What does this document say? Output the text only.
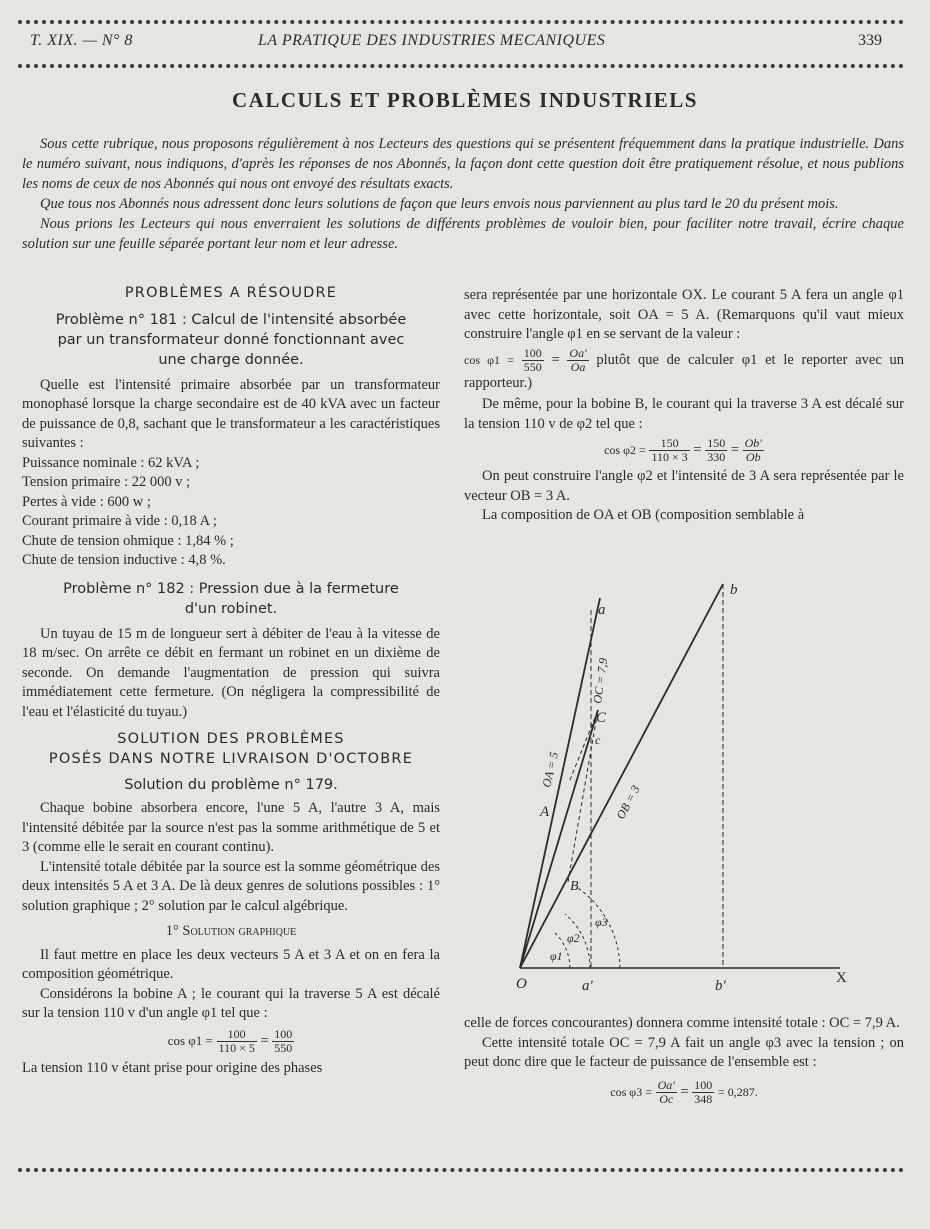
T. XIX. — N° 8	LA PRATIQUE DES INDUSTRIES MECANIQUES	339
CALCULS ET PROBLÈMES INDUSTRIELS

Sous cette rubrique, nous proposons régulièrement à nos Lecteurs des questions qui se présentent fréquemment dans la pratique industrielle. Dans le numéro suivant, nous indiquons, d'après les réponses de nos Abonnés, la façon dont cette question doit être pratiquement résolue, et nous publions les noms de ceux de nos Abonnés qui nous ont envoyé des résultats exacts.

Que tous nos Abonnés nous adressent donc leurs solutions de façon que leurs envois nous parviennent au plus tard le 20 du présent mois.

Nous prions les Lecteurs qui nous enverraient les solutions de différents problèmes de vouloir bien, pour faciliter notre travail, écrire chaque solution sur une feuille séparée portant leur nom et leur adresse.

PROBLÈMES A RÉSOUDRE
Problème n° 181 : Calcul de l'intensité absorbée par un transformateur donné fonctionnant avec une charge donnée.

Quelle est l'intensité primaire absorbée par un transformateur monophasé lorsque la charge secondaire est de 40 kVA avec un facteur de puissance de 0,8, sachant que le transformateur a les caractéristiques suivantes :

Puissance nominale : 62 kVA ;

Tension primaire : 22 000 v ;

Pertes à vide : 600 w ;

Courant primaire à vide : 0,18 A ;

Chute de tension ohmique : 1,84 % ;

Chute de tension inductive : 4,8 %.

Problème n° 182 : Pression due à la fermeture d'un robinet.

Un tuyau de 15 m de longueur sert à débiter de l'eau à la vitesse de 18 m/sec. On arrête ce débit en fermant un robinet en un dixième de seconde. On demande l'augmentation de pression qui suivra immédiatement cette fermeture. (On négligera la compressibilité de l'eau et l'élasticité du tuyau.)

SOLUTION DES PROBLÈMES
POSÉS DANS NOTRE LIVRAISON D'OCTOBRE
Solution du problème n° 179.

Chaque bobine absorbera encore, l'une 5 A, l'autre 3 A, mais l'intensité débitée par la source n'est pas la somme arithmétique de 5 et 3 (comme elle le serait en courant continu).

L'intensité totale débitée par la source est la somme géométrique des deux intensités 5 A et 3 A. De là deux genres de solutions possibles : 1° solution graphique ; 2° solution par le calcul algébrique.

1° Solution graphique

Il faut mettre en place les deux vecteurs 5 A et 3 A et on en fera la composition géométrique.

Considérons la bobine A ; le courant qui la traverse 5 A est décalé sur la tension 110 v d'un angle φ1 tel que :

$\cos \varphi 1 = \frac{100}{110 \times 5} = \frac{100}{550}$

La tension 110 v étant prise pour origine des phases

sera représentée par une horizontale OX. Le courant 5 A fera un angle φ1 avec cette horizontale, soit OA = 5 A. (Remarquons qu'il vaut mieux construire l'angle φ1 en se servant de la valeur :

$\cos \varphi 1 = \frac{100}{550} = \frac{Oa'}{Oa}$ plutôt que de calculer φ1 et le reporter avec un rapporteur.)

De même, pour la bobine B, le courant qui la traverse 3 A est décalé sur la tension 110 v de φ2 tel que :

$\cos \varphi 2 = \frac{150}{110 \times 3} = \frac{150}{330} = \frac{Ob'}{Ob}$

On peut construire l'angle φ2 et l'intensité de 3 A sera représentée par le vecteur OB = 3 A.

La composition de OA et OB (composition semblable à

O	a'	b'	X
a
b
C
c
A
B
φ1
φ2
φ3
OA = 5
OB = 3
OC = 7,9

celle de forces concourantes) donnera comme intensité totale : OC = 7,9 A.

Cette intensité totale OC = 7,9 A fait un angle φ3 avec la tension ; on peut donc dire que le facteur de puissance de l'ensemble est :

$\cos \varphi 3 = \frac{Oa'}{Oc} = \frac{100}{348} = 0,287$.
